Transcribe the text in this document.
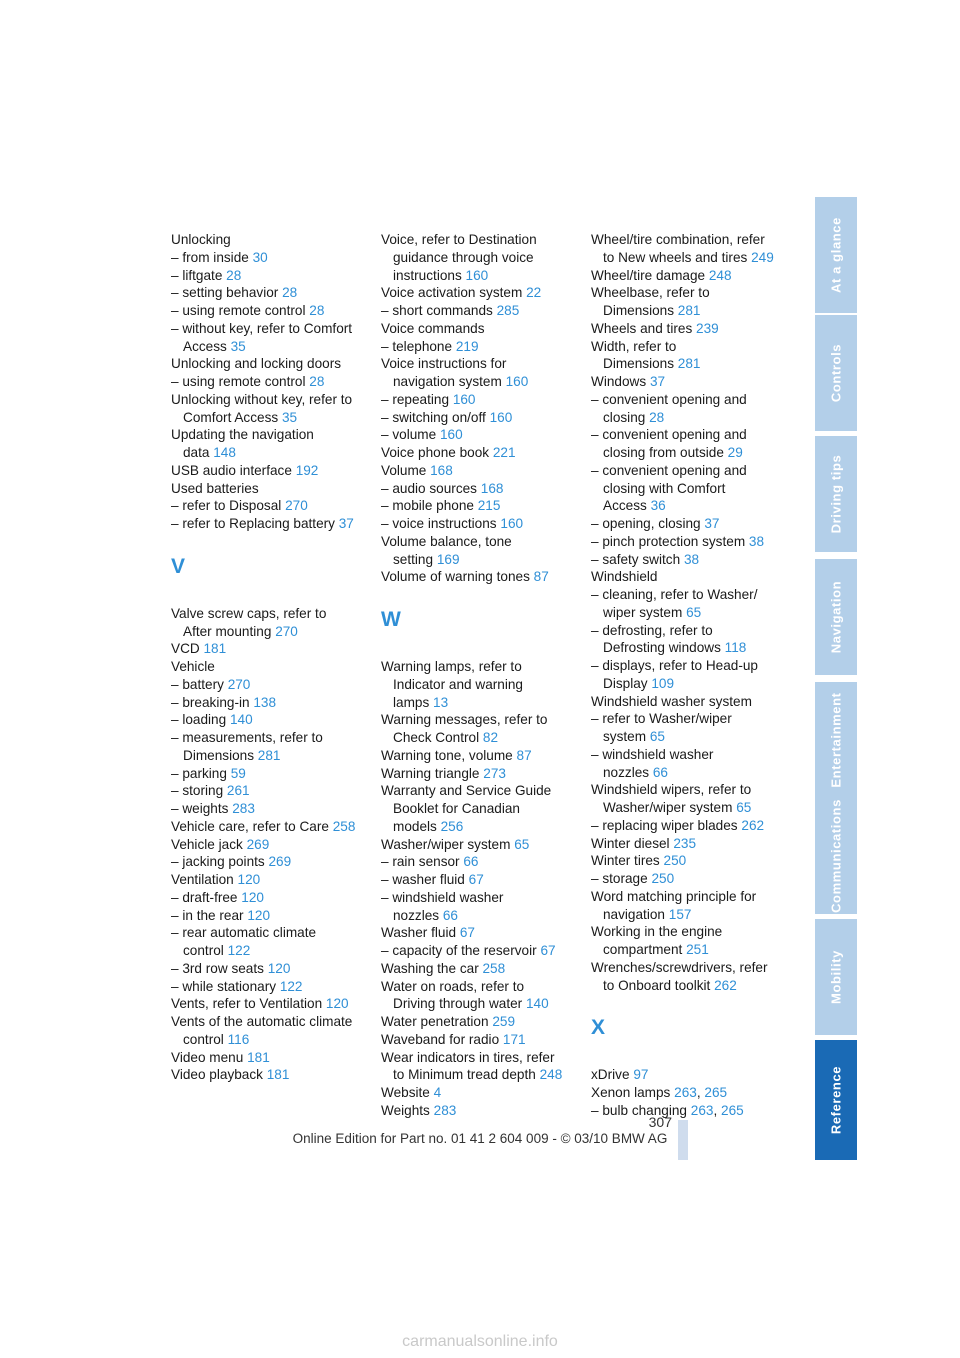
Unlocking
– from inside 30
– liftgate 28
– setting behavior 28
– using remote control 28
– without key, refer to Comfort
Access 35
Unlocking and locking doors
– using remote control 28
Unlocking without key, refer to
Comfort Access 35
Updating the navigation
data 148
USB audio interface 192
Used batteries
– refer to Disposal 270
– refer to Replacing battery 37
V
Valve screw caps, refer to
After mounting 270
VCD 181
Vehicle
– battery 270
– breaking-in 138
– loading 140
– measurements, refer to
Dimensions 281
– parking 59
– storing 261
– weights 283
Vehicle care, refer to Care 258
Vehicle jack 269
– jacking points 269
Ventilation 120
– draft-free 120
– in the rear 120
– rear automatic climate
control 122
– 3rd row seats 120
– while stationary 122
Vents, refer to Ventilation 120
Vents of the automatic climate
control 116
Video menu 181
Video playback 181
Voice, refer to Destination
guidance through voice
instructions 160
Voice activation system 22
– short commands 285
Voice commands
– telephone 219
Voice instructions for
navigation system 160
– repeating 160
– switching on/off 160
– volume 160
Voice phone book 221
Volume 168
– audio sources 168
– mobile phone 215
– voice instructions 160
Volume balance, tone
setting 169
Volume of warning tones 87
W
Warning lamps, refer to
Indicator and warning
lamps 13
Warning messages, refer to
Check Control 82
Warning tone, volume 87
Warning triangle 273
Warranty and Service Guide
Booklet for Canadian
models 256
Washer/wiper system 65
– rain sensor 66
– washer fluid 67
– windshield washer
nozzles 66
Washer fluid 67
– capacity of the reservoir 67
Washing the car 258
Water on roads, refer to
Driving through water 140
Water penetration 259
Waveband for radio 171
Wear indicators in tires, refer
to Minimum tread depth 248
Website 4
Weights 283
Wheel/tire combination, refer
to New wheels and tires 249
Wheel/tire damage 248
Wheelbase, refer to
Dimensions 281
Wheels and tires 239
Width, refer to
Dimensions 281
Windows 37
– convenient opening and
closing 28
– convenient opening and
closing from outside 29
– convenient opening and
closing with Comfort
Access 36
– opening, closing 37
– pinch protection system 38
– safety switch 38
Windshield
– cleaning, refer to Washer/
wiper system 65
– defrosting, refer to
Defrosting windows 118
– displays, refer to Head-up
Display 109
Windshield washer system
– refer to Washer/wiper
system 65
– windshield washer
nozzles 66
Windshield wipers, refer to
Washer/wiper system 65
– replacing wiper blades 262
Winter diesel 235
Winter tires 250
– storage 250
Word matching principle for
navigation 157
Working in the engine
compartment 251
Wrenches/screwdrivers, refer
to Onboard toolkit 262
X
xDrive 97
Xenon lamps 263, 265
– bulb changing 263, 265
At a glance
Controls
Driving tips
Navigation
Entertainment
Communications
Mobility
Reference
307
Online Edition for Part no. 01 41 2 604 009 - © 03/10 BMW AG
carmanualsonline.info
